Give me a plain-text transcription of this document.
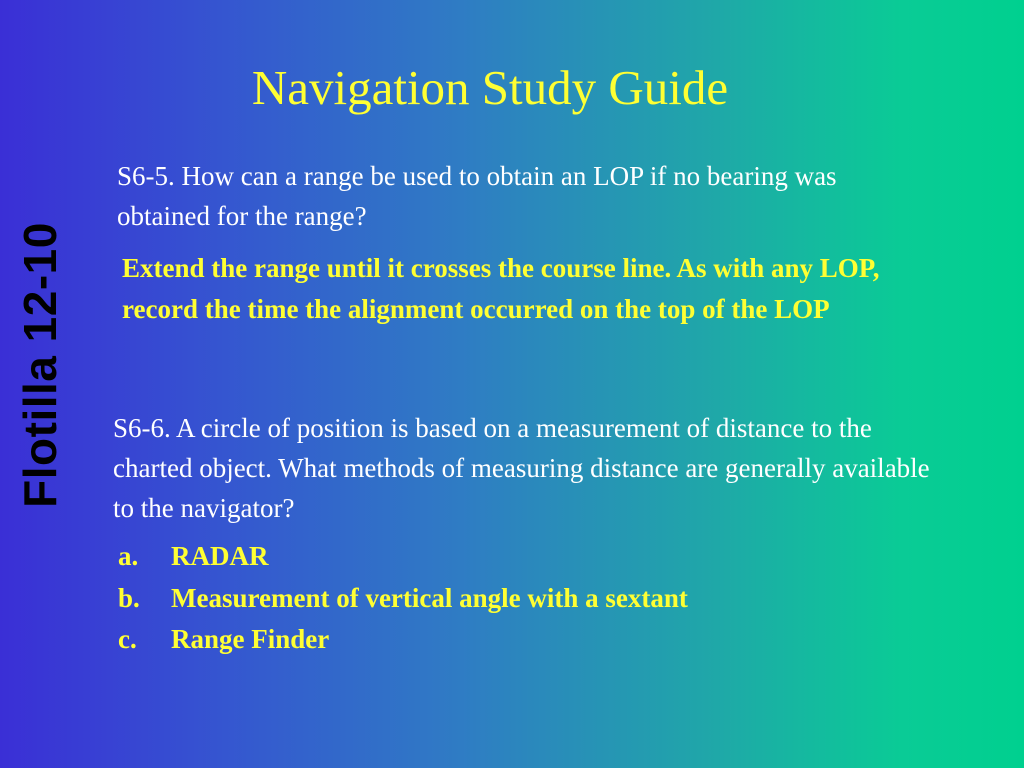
Flotilla 12-10
Navigation Study Guide
S6-5. How can a range be used to obtain an LOP if no bearing was obtained for the range?
Extend the range until it crosses the course line. As with any LOP, record the time the alignment occurred on the top of the LOP
S6-6. A circle of position is based on a measurement of distance to the charted object. What methods of measuring distance are generally available to the navigator?
a.	RADAR
b.	Measurement of vertical angle with a sextant
c.	Range Finder
